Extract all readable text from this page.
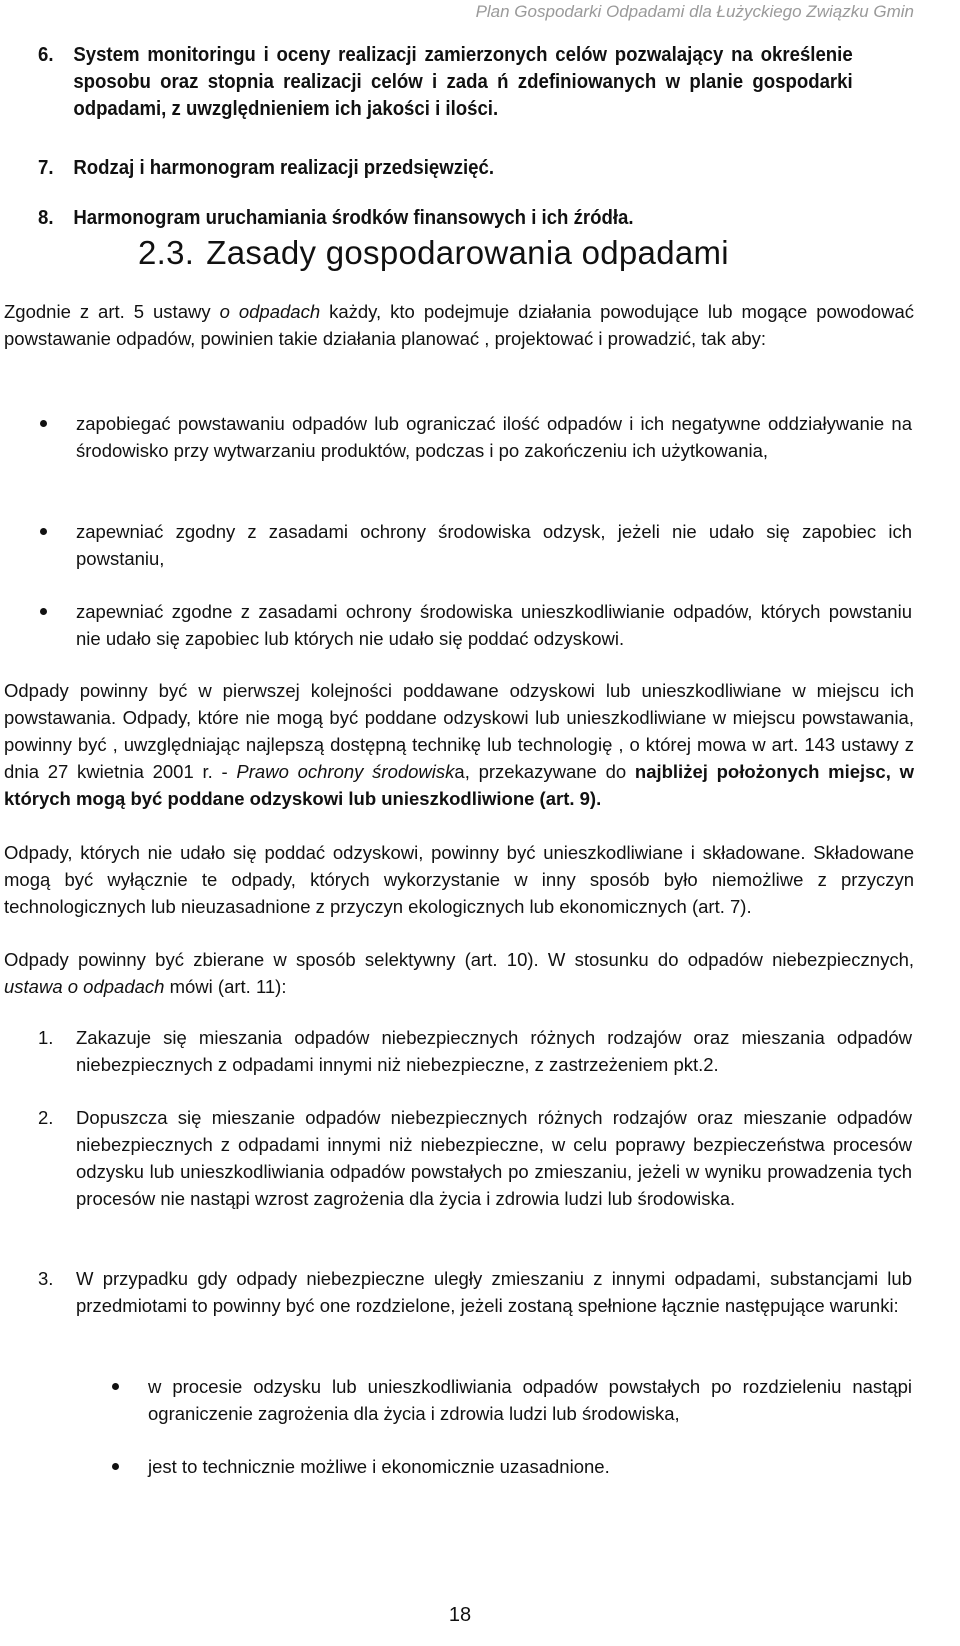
Plan Gospodarki Odpadami dla Łużyckiego Związku Gmin
6. System monitoringu i oceny realizacji zamierzonych celów pozwalający na określenie sposobu oraz stopnia realizacji celów i zada ń zdefiniowanych w planie gospodarki odpadami, z uwzględnieniem ich jakości i ilości.
7. Rodzaj i harmonogram realizacji przedsięwzięć.
8. Harmonogram uruchamiania środków finansowych i ich źródła.
2.3. Zasady gospodarowania odpadami
Zgodnie z art. 5 ustawy o odpadach każdy, kto podejmuje działania powodujące lub mogące powodować powstawanie odpadów, powinien takie działania planować , projektować i prowadzić, tak aby:
zapobiegać powstawaniu odpadów lub ograniczać ilość odpadów i ich negatywne oddziaływanie na środowisko przy wytwarzaniu produktów, podczas i po zakończeniu ich użytkowania,
zapewniać zgodny z zasadami ochrony środowiska odzysk, jeżeli nie udało się zapobiec ich powstaniu,
zapewniać zgodne z zasadami ochrony środowiska unieszkodliwianie odpadów, których powstaniu nie udało się zapobiec lub których nie udało się poddać odzyskowi.
Odpady powinny być w pierwszej kolejności poddawane odzyskowi lub unieszkodliwiane w miejscu ich powstawania. Odpady, które nie mogą być poddane odzyskowi lub unieszkodliwiane w miejscu powstawania, powinny być , uwzględniając najlepszą dostępną technikę lub technologię , o której mowa w art. 143 ustawy z dnia 27 kwietnia 2001 r. - Prawo ochrony środowiska, przekazywane do najbliżej położonych miejsc, w których mogą być poddane odzyskowi lub unieszkodliwione (art. 9).
Odpady, których nie udało się poddać odzyskowi, powinny być unieszkodliwiane i składowane. Składowane mogą być wyłącznie te odpady, których wykorzystanie w inny sposób było niemożliwe z przyczyn technologicznych lub nieuzasadnione z przyczyn ekologicznych lub ekonomicznych (art. 7).
Odpady powinny być zbierane w sposób selektywny (art. 10). W stosunku do odpadów niebezpiecznych, ustawa o odpadach mówi (art. 11):
1.	Zakazuje się mieszania odpadów niebezpiecznych różnych rodzajów oraz mieszania odpadów niebezpiecznych z odpadami innymi niż niebezpieczne, z zastrzeżeniem pkt.2.
2.	Dopuszcza się mieszanie odpadów niebezpiecznych różnych rodzajów oraz mieszanie odpadów niebezpiecznych z odpadami innymi niż niebezpieczne, w celu poprawy bezpieczeństwa procesów odzysku lub unieszkodliwiania odpadów powstałych po zmieszaniu, jeżeli w wyniku prowadzenia tych procesów nie nastąpi wzrost zagrożenia dla życia i zdrowia ludzi lub środowiska.
3.	W przypadku gdy odpady niebezpieczne uległy zmieszaniu z innymi odpadami, substancjami lub przedmiotami to powinny być one rozdzielone, jeżeli zostaną spełnione łącznie następujące warunki:
w procesie odzysku lub unieszkodliwiania odpadów powstałych po rozdzieleniu nastąpi ograniczenie zagrożenia dla życia i zdrowia ludzi lub środowiska,
jest to technicznie możliwe i ekonomicznie uzasadnione.
18
